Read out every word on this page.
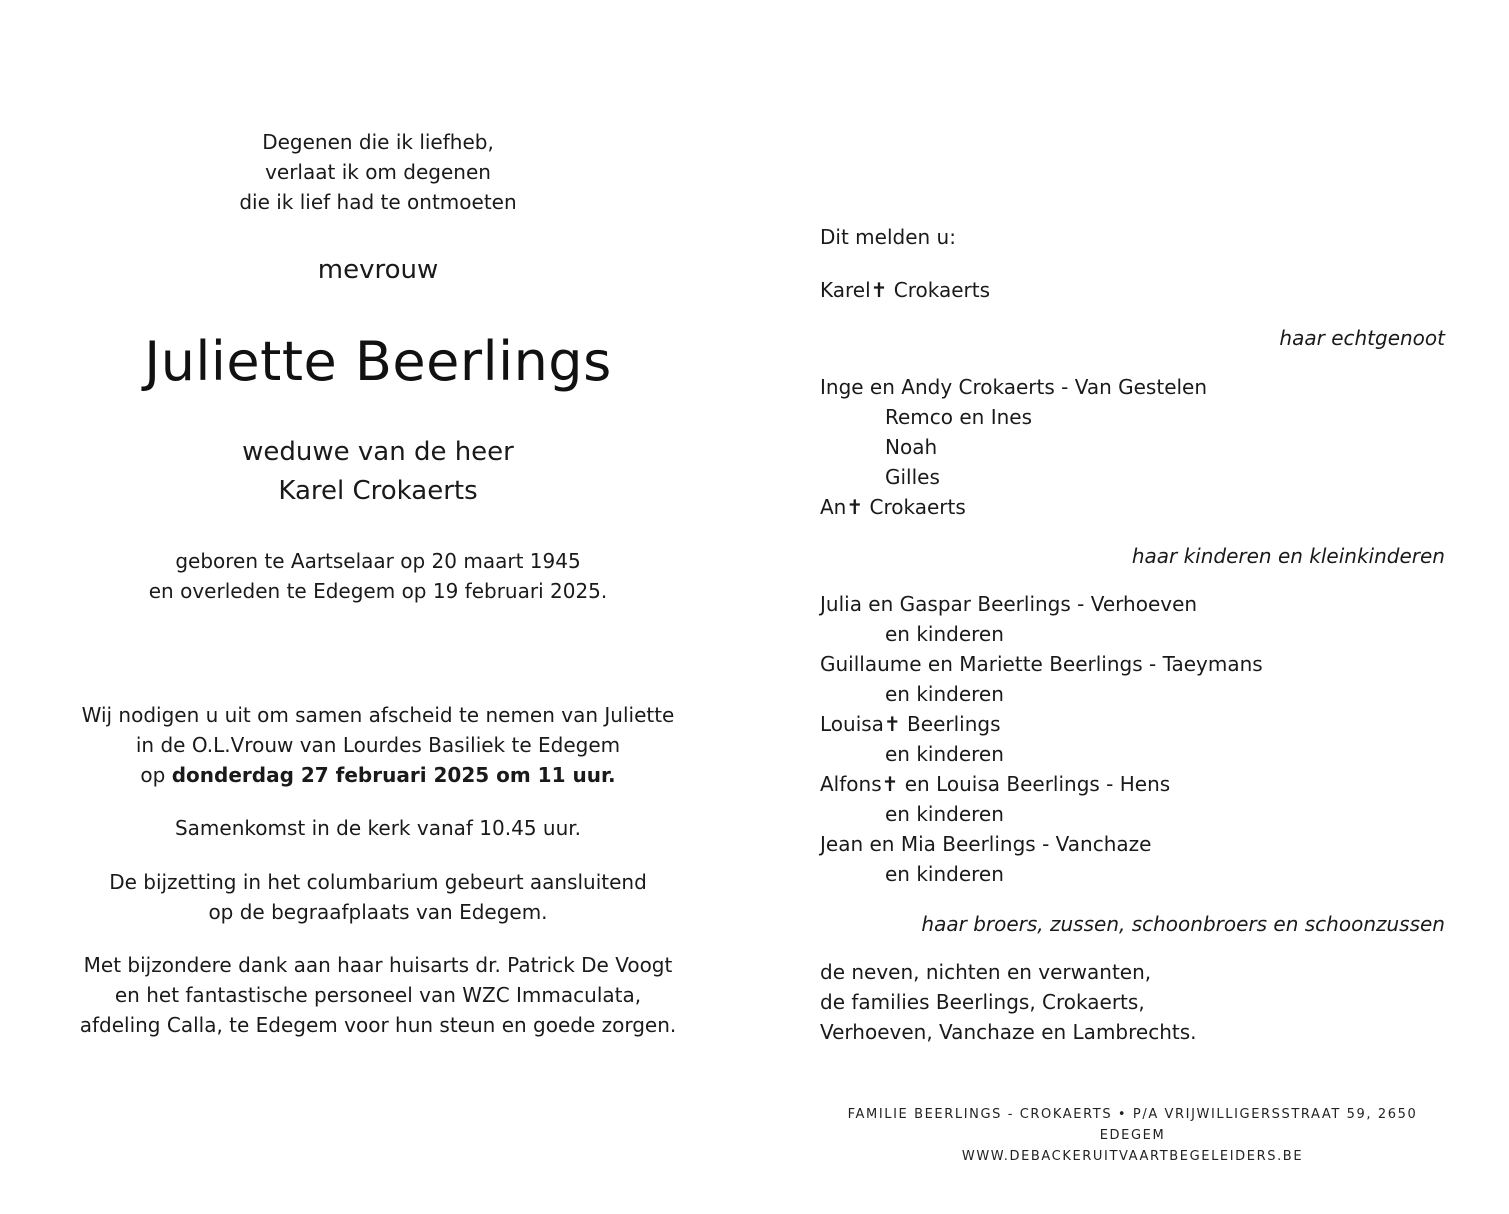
Degenen die ik liefheb,
verlaat ik om degenen
die ik lief had te ontmoeten
mevrouw
Juliette Beerlings
weduwe van de heer
Karel Crokaerts
geboren te Aartselaar op 20 maart 1945
en overleden te Edegem op 19 februari 2025.
Wij nodigen u uit om samen afscheid te nemen van Juliette
in de O.L.Vrouw van Lourdes Basiliek te Edegem
op donderdag 27 februari 2025 om 11 uur.
Samenkomst in de kerk vanaf 10.45 uur.
De bijzetting in het columbarium gebeurt aansluitend
op de begraafplaats van Edegem.
Met bijzondere dank aan haar huisarts dr. Patrick De Voogt
en het fantastische personeel van WZC Immaculata,
afdeling Calla, te Edegem voor hun steun en goede zorgen.
Dit melden u:
Karel✝ Crokaerts
haar echtgenoot
Inge en Andy Crokaerts - Van Gestelen
Remco en Ines
Noah
Gilles
An✝ Crokaerts
haar kinderen en kleinkinderen
Julia en Gaspar Beerlings - Verhoeven
en kinderen
Guillaume en Mariette Beerlings - Taeymans
en kinderen
Louisa✝ Beerlings
en kinderen
Alfons✝ en Louisa Beerlings - Hens
en kinderen
Jean en Mia Beerlings - Vanchaze
en kinderen
haar broers, zussen, schoonbroers en schoonzussen
de neven, nichten en verwanten,
de families Beerlings, Crokaerts,
Verhoeven, Vanchaze en Lambrechts.
FAMILIE BEERLINGS - CROKAERTS • P/A VRIJWILLIGERSSTRAAT 59, 2650 EDEGEM
WWW.DEBACKERUITVAARTBEGELEIDERS.BE
